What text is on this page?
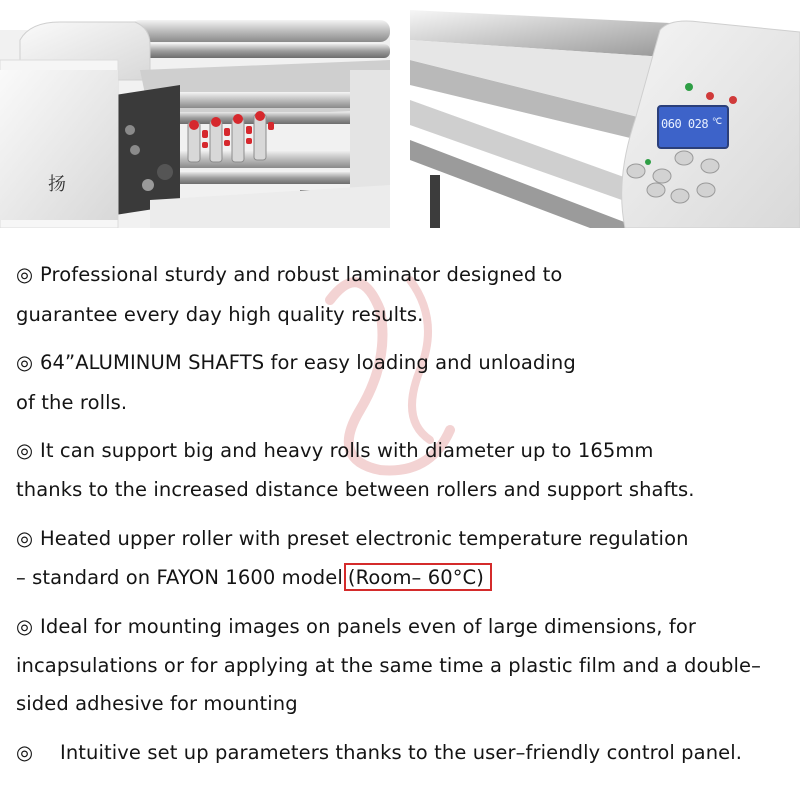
扬
060 028 ℃
◎ Professional sturdy and robust laminator designed to
guarantee every day high quality results.
◎ 64”ALUMINUM SHAFTS for easy loading and unloading
of the rolls.
◎ It can support big and heavy rolls with diameter up to 165mm
thanks to the increased distance between rollers and support shafts.
◎ Heated upper roller with preset electronic temperature regulation
– standard on FAYON 1600 model (Room– 60°C)
◎ Ideal for mounting images on panels even of large dimensions, for
incapsulations or for applying at the same time a plastic film and a double–
sided adhesive for mounting
◎ Intuitive set up parameters thanks to the user–friendly control panel.
